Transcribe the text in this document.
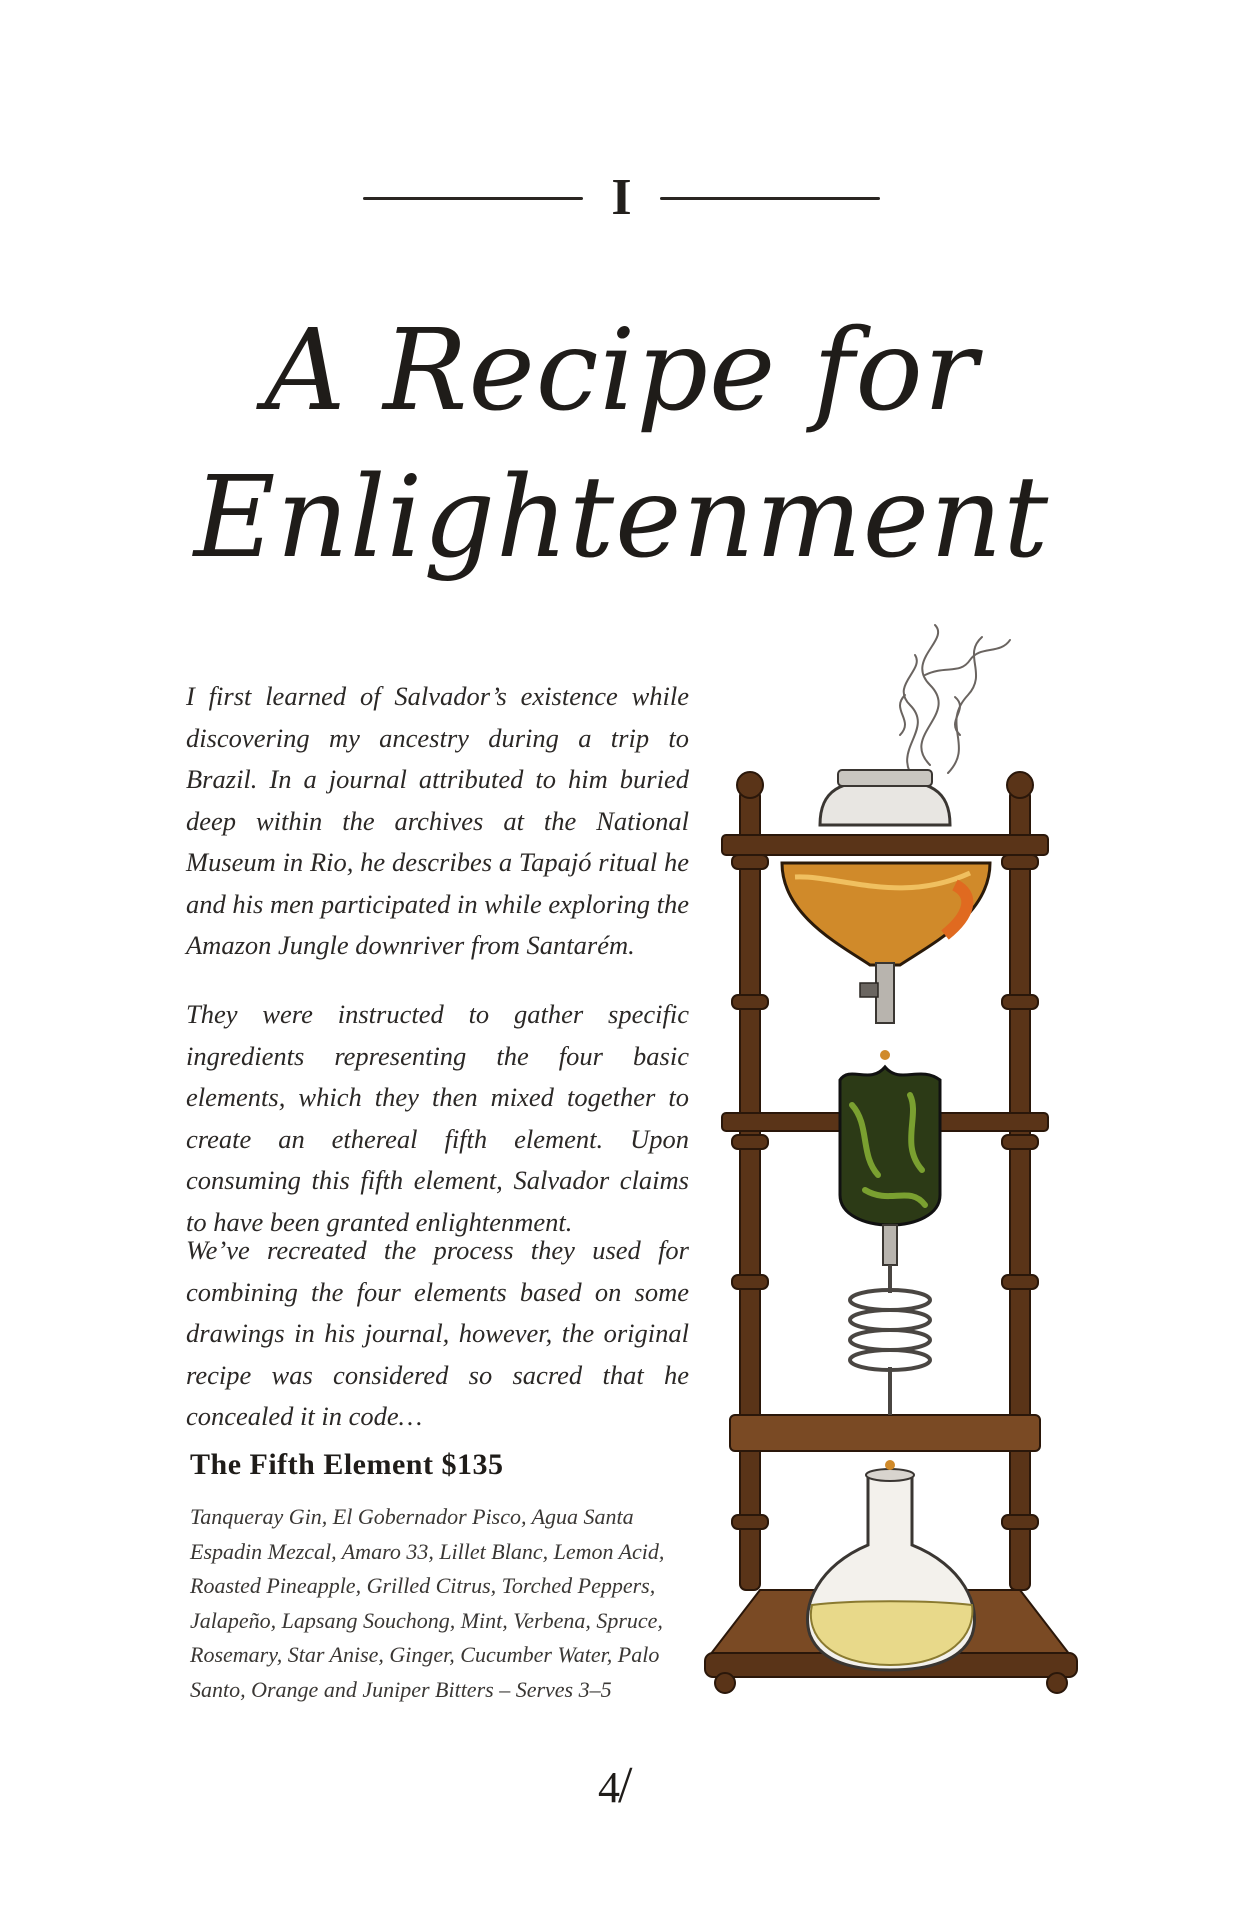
I
A Recipe for
Enlightenment

I first learned of Salvador’s existence while discovering my ancestry during a trip to Brazil. In a journal attributed to him buried deep within the archives at the National Museum in Rio, he describes a Tapajó ritual he and his men participated in while exploring the Amazon Jungle downriver from Santarém.

They were instructed to gather specific ingredients representing the four basic elements, which they then mixed together to create an ethereal fifth element. Upon consuming this fifth element, Salvador claims to have been granted enlightenment.

We’ve recreated the process they used for combining the four elements based on some drawings in his journal, however, the original recipe was considered so sacred that he concealed it in code…

The Fifth Element $135

Tanqueray Gin, El Gobernador Pisco, Agua Santa Espadin Mezcal, Amaro 33, Lillet Blanc, Lemon Acid, Roasted Pineapple, Grilled Citrus, Torched Peppers, Jalapeño, Lapsang Souchong, Mint, Verbena, Spruce, Rosemary, Star Anise, Ginger, Cucumber Water, Palo Santo, Orange and Juniper Bitters – Serves 3–5

4/
